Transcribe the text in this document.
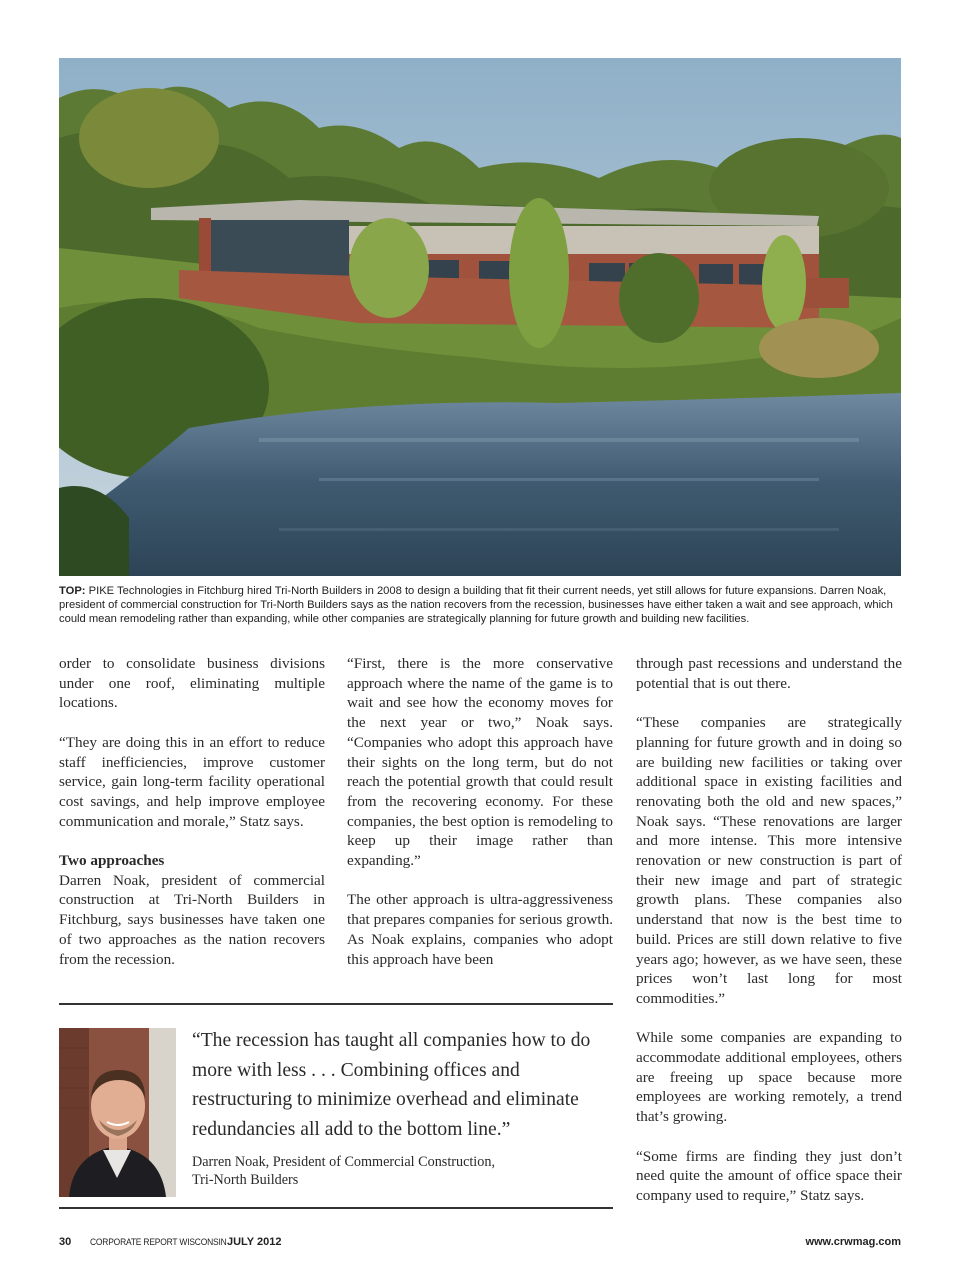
TOP: PIKE Technologies in Fitchburg hired Tri-North Builders in 2008 to design a building that fit their current needs, yet still allows for future expansions. Darren Noak, president of commercial construction for Tri-North Builders says as the nation recovers from the recession, businesses have either taken a wait and see approach, which could mean remodeling rather than expanding, while other companies are strategically planning for future growth and building new facilities.

order to consolidate business divisions under one roof, eliminating multiple locations.

“They are doing this in an effort to reduce staff inefficiencies, improve customer service, gain long-term facility operational cost savings, and help improve employee communication and morale,” Statz says.

Two approaches

Darren Noak, president of commercial construction at Tri-North Builders in Fitchburg, says businesses have taken one of two approaches as the nation recovers from the recession.

“First, there is the more conservative approach where the name of the game is to wait and see how the economy moves for the next year or two,” Noak says. “Companies who adopt this approach have their sights on the long term, but do not reach the potential growth that could result from the recovering economy. For these companies, the best option is remodeling to keep up their image rather than expanding.”

The other approach is ultra-aggressiveness that prepares companies for serious growth. As Noak explains, companies who adopt this approach have been

through past recessions and understand the potential that is out there.

“These companies are strategically planning for future growth and in doing so are building new facilities or taking over additional space in existing facilities and renovating both the old and new spaces,” Noak says. “These renovations are larger and more intense. This more intensive renovation or new construction is part of their new image and part of strategic growth plans. These companies also understand that now is the best time to build. Prices are still down relative to five years ago; however, as we have seen, these prices won’t last long for most commodities.”

While some companies are expanding to accommodate additional employees, others are freeing up space because more employees are working remotely, a trend that’s growing.

“Some firms are finding they just don’t need quite the amount of office space their company used to require,” Statz says.

“The recession has taught all companies how to do more with less . . . Combining offices and restructuring to minimize overhead and eliminate redundancies all add to the bottom line.”
Darren Noak, President of Commercial Construction,
Tri-North Builders
30 CORPORATE REPORT WISCONSIN JULY 2012	www.crwmag.com
